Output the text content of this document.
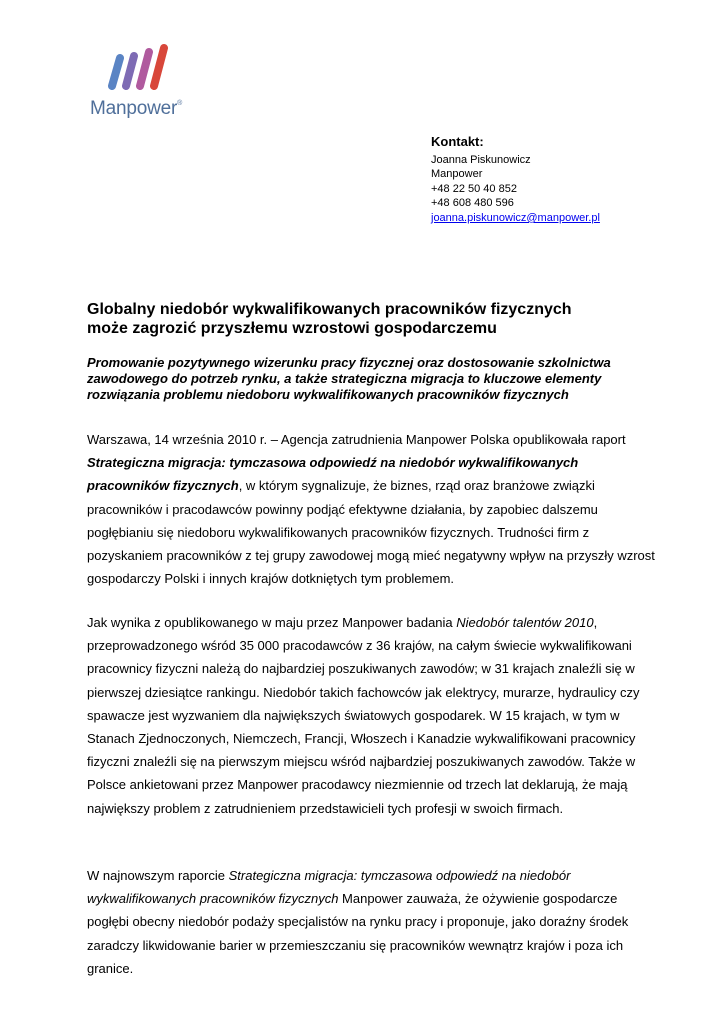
Manpower®
Kontakt:
Joanna Piskunowicz
Manpower
+48 22 50 40 852
+48 608 480 596
joanna.piskunowicz@manpower.pl
Globalny niedobór wykwalifikowanych pracowników fizycznych
może zagrozić przyszłemu wzrostowi gospodarczemu
Promowanie pozytywnego wizerunku pracy fizycznej oraz dostosowanie szkolnictwa zawodowego do potrzeb rynku, a także strategiczna migracja to kluczowe elementy rozwiązania problemu niedoboru wykwalifikowanych pracowników fizycznych

Warszawa, 14 września 2010 r. – Agencja zatrudnienia Manpower Polska opublikowała raport Strategiczna migracja: tymczasowa odpowiedź na niedobór wykwalifikowanych pracowników fizycznych, w którym sygnalizuje, że biznes, rząd oraz branżowe związki pracowników i pracodawców powinny podjąć efektywne działania, by zapobiec dalszemu pogłębianiu się niedoboru wykwalifikowanych pracowników fizycznych. Trudności firm z pozyskaniem pracowników z tej grupy zawodowej mogą mieć negatywny wpływ na przyszły wzrost gospodarczy Polski i innych krajów dotkniętych tym problemem.

Jak wynika z opublikowanego w maju przez Manpower badania Niedobór talentów 2010, przeprowadzonego wśród 35 000 pracodawców z 36 krajów, na całym świecie wykwalifikowani pracownicy fizyczni należą do najbardziej poszukiwanych zawodów; w 31 krajach znaleźli się w pierwszej dziesiątce rankingu. Niedobór takich fachowców jak elektrycy, murarze, hydraulicy czy spawacze jest wyzwaniem dla największych światowych gospodarek. W 15 krajach, w tym w Stanach Zjednoczonych, Niemczech, Francji, Włoszech i Kanadzie wykwalifikowani pracownicy fizyczni znaleźli się na pierwszym miejscu wśród najbardziej poszukiwanych zawodów. Także w Polsce ankietowani przez Manpower pracodawcy niezmiennie od trzech lat deklarują, że mają największy problem z zatrudnieniem przedstawicieli tych profesji w swoich firmach.

W najnowszym raporcie Strategiczna migracja: tymczasowa odpowiedź na niedobór wykwalifikowanych pracowników fizycznych Manpower zauważa, że ożywienie gospodarcze pogłębi obecny niedobór podaży specjalistów na rynku pracy i proponuje, jako doraźny środek zaradczy likwidowanie barier w przemieszczaniu się pracowników wewnątrz krajów i poza ich granice.
